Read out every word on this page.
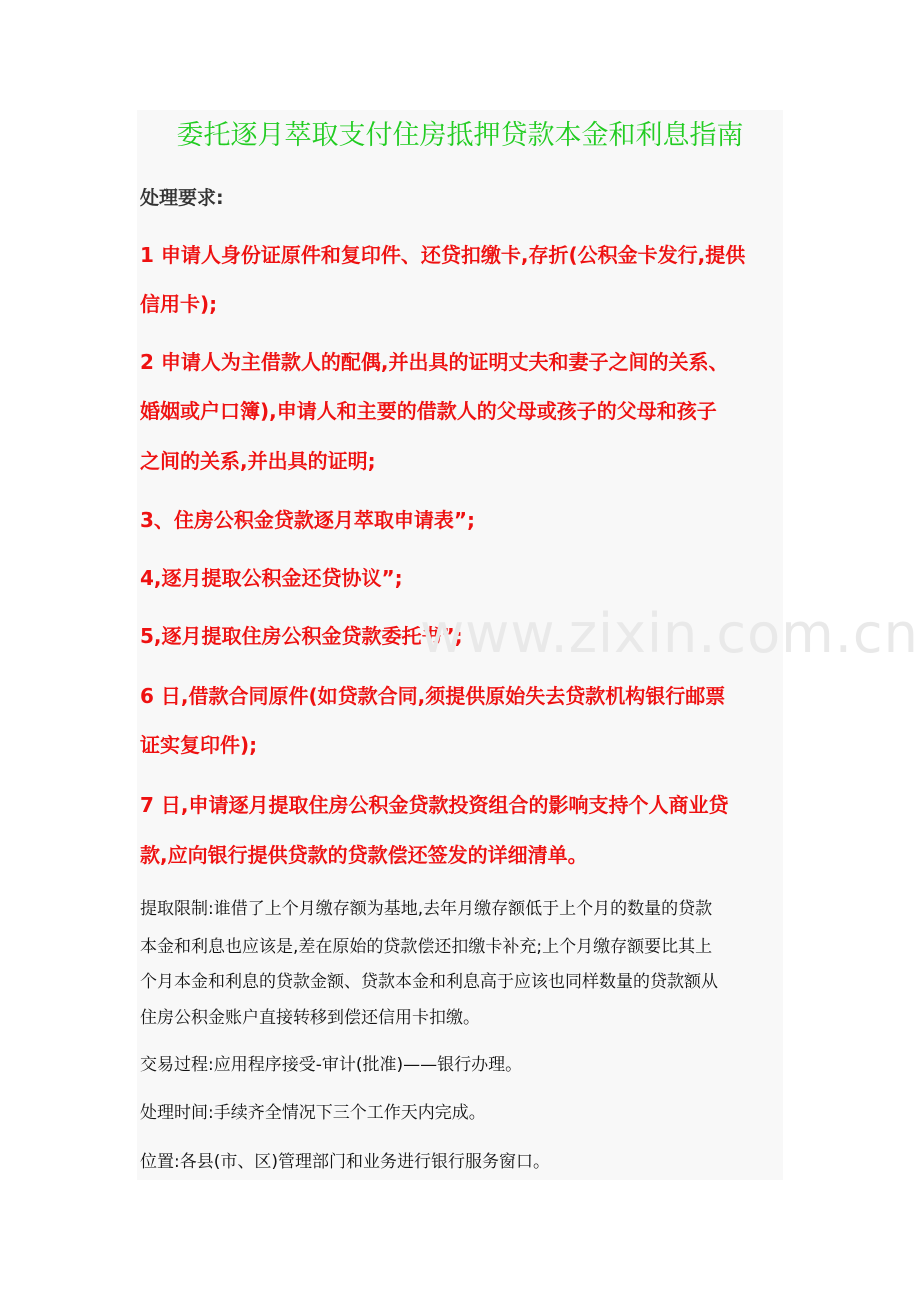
委托逐月萃取支付住房抵押贷款本金和利息指南

处理要求:

1 申请人身份证原件和复印件、还贷扣缴卡,存折(公积金卡发行,提供

信用卡);

2 申请人为主借款人的配偶,并出具的证明丈夫和妻子之间的关系、

婚姻或户口簿),申请人和主要的借款人的父母或孩子的父母和孩子

之间的关系,并出具的证明;

3、住房公积金贷款逐月萃取申请表”;

4,逐月提取公积金还贷协议”;

5,逐月提取住房公积金贷款委托书”;

6 日,借款合同原件(如贷款合同,须提供原始失去贷款机构银行邮票

证实复印件);

7 日,申请逐月提取住房公积金贷款投资组合的影响支持个人商业贷

款,应向银行提供贷款的贷款偿还签发的详细清单。

提取限制:谁借了上个月缴存额为基地,去年月缴存额低于上个月的数量的贷款

本金和利息也应该是,差在原始的贷款偿还扣缴卡补充;上个月缴存额要比其上

个月本金和利息的贷款金额、贷款本金和利息高于应该也同样数量的贷款额从

住房公积金账户直接转移到偿还信用卡扣缴。

交易过程:应用程序接受-审计(批准)——银行办理。

处理时间:手续齐全情况下三个工作天内完成。

位置:各县(市、区)管理部门和业务进行银行服务窗口。

www.zixin.com.cn
